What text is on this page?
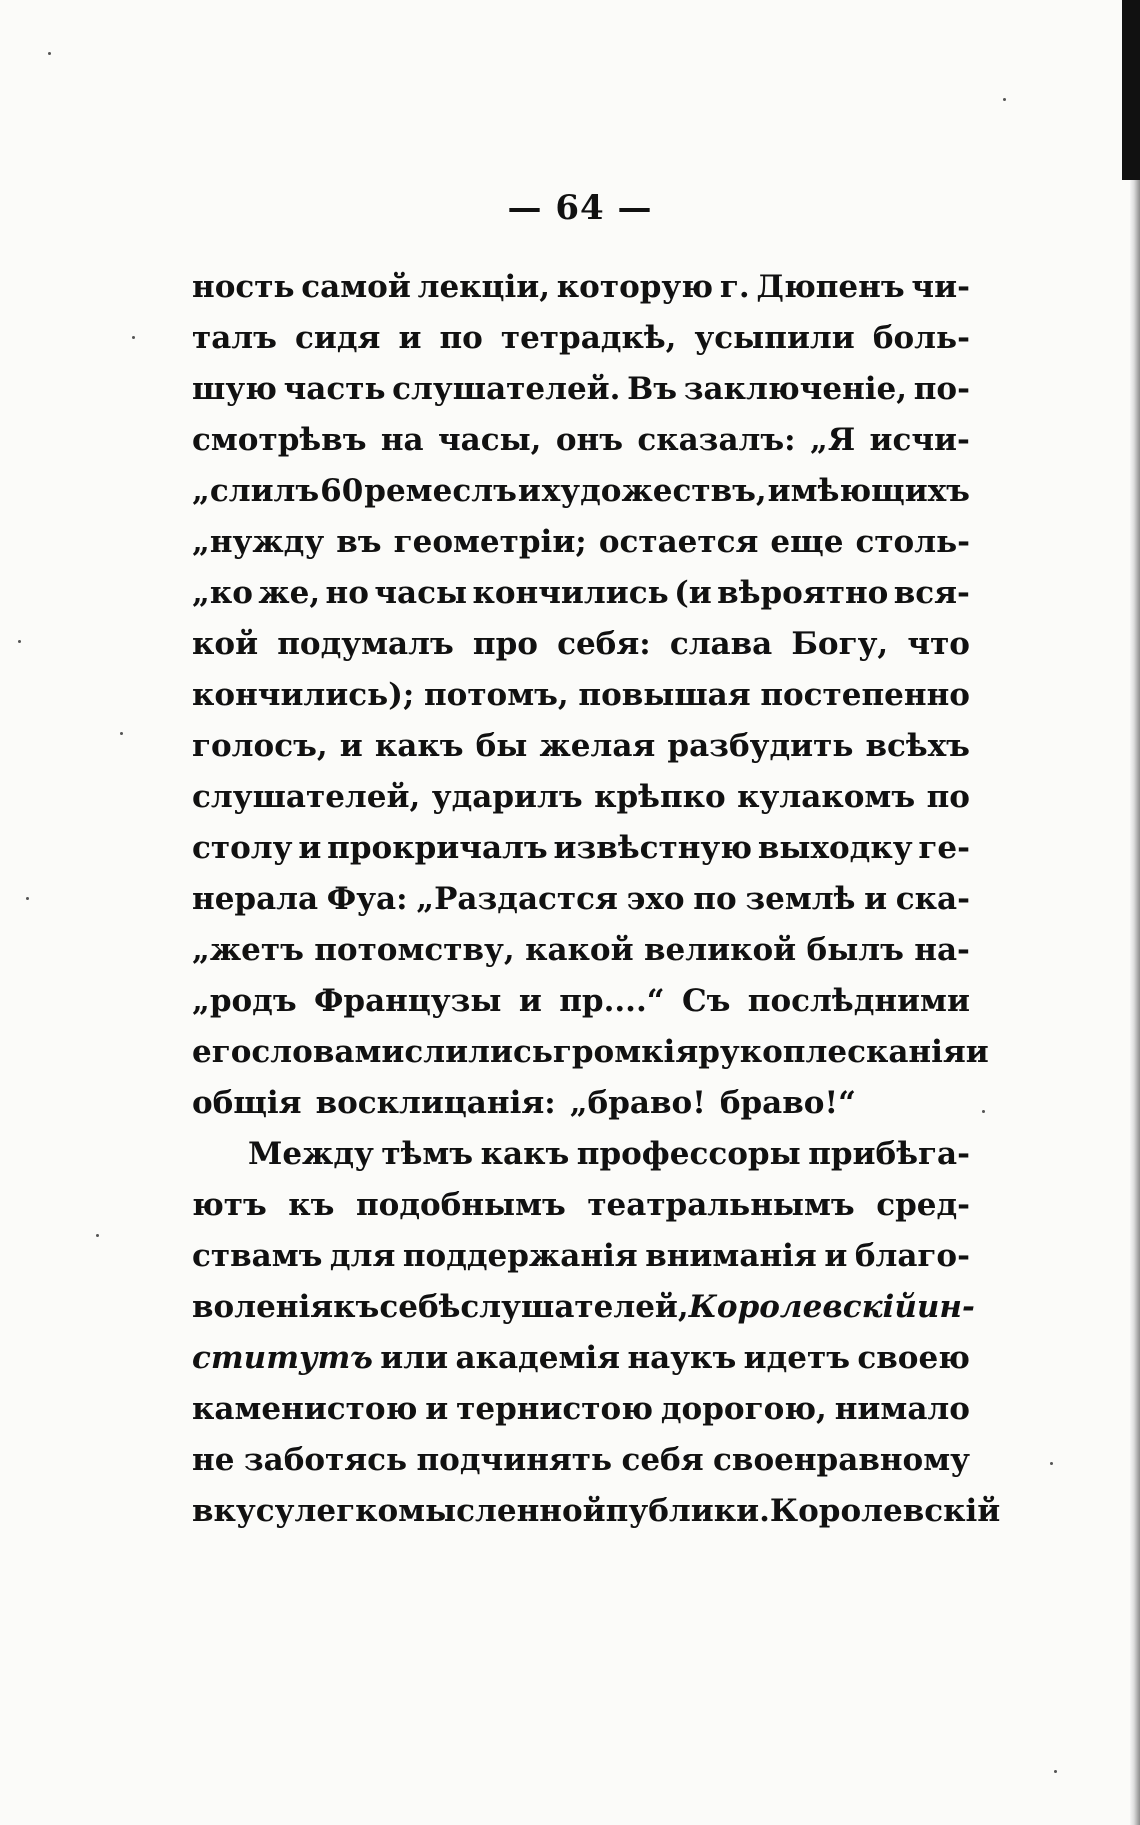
— 64 —
ность самой лекціи, которую г. Дюпенъ чи-
талъ сидя и по тетрадкѣ, усыпили боль-
шую часть слушателей. Въ заключеніе, по-
смотрѣвъ на часы, онъ сказалъ: „Я исчи-
„слилъ 60 ремеслъ и художествъ, имѣющихъ
„нужду въ геометріи; остается еще столь-
„ко же, но часы кончились (и вѣроятно вся-
кой подумалъ про себя: слава Богу, что
кончились); потомъ, повышая постепенно
голосъ, и какъ бы желая разбудить всѣхъ
слушателей, ударилъ крѣпко кулакомъ по
столу и прокричалъ извѣстную выходку ге-
нерала Фуа: „Раздастся эхо по землѣ и ска-
„жетъ потомству, какой великой былъ на-
„родъ Французы и пр....“ Съ послѣдними
его словами слились громкія рукоплесканія и
общія восклицанія: „браво! браво!“
Между тѣмъ какъ профессоры прибѣга-
ютъ къ подобнымъ театральнымъ сред-
ствамъ для поддержанія вниманія и благо-
воленія къ себѣ слушателей, Королевскій ин-
ститутъ или академія наукъ идетъ своею
каменистою и тернистою дорогою, нимало
не заботясь подчинять себя своенравному
вкусу легкомысленной публики. Королевскій
